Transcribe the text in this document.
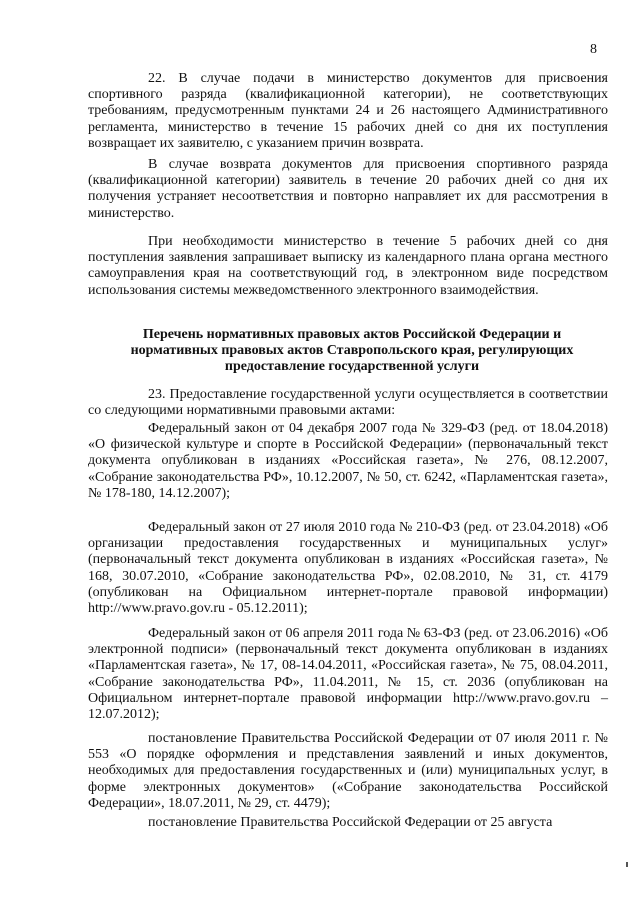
8

22. В случае подачи в министерство документов для присвоения спортивного разряда (квалификационной категории), не соответствующих требованиям, предусмотренным пунктами 24 и 26 настоящего Административного регламента, министерство в течение 15 рабочих дней со дня их поступления возвращает их заявителю, с указанием причин возврата.

В случае возврата документов для присвоения спортивного разряда (квалификационной категории) заявитель в течение 20 рабочих дней со дня их получения устраняет несоответствия и повторно направляет их для рассмотрения в министерство.

При необходимости министерство в течение 5 рабочих дней со дня поступления заявления запрашивает выписку из календарного плана органа местного самоуправления края на соответствующий год, в электронном виде посредством использования системы межведомственного электронного взаимодействия.

Перечень нормативных правовых актов Российской Федерации и нормативных правовых актов Ставропольского края, регулирующих предоставление государственной услуги

23. Предоставление государственной услуги осуществляется в соответствии со следующими нормативными правовыми актами:

Федеральный закон от 04 декабря 2007 года № 329-ФЗ (ред. от 18.04.2018) «О физической культуре и спорте в Российской Федерации» (первоначальный текст документа опубликован в изданиях «Российская газета», № 276, 08.12.2007, «Собрание законодательства РФ», 10.12.2007, № 50, ст. 6242, «Парламентская газета», № 178-180, 14.12.2007);

Федеральный закон от 27 июля 2010 года № 210-ФЗ (ред. от 23.04.2018) «Об организации предоставления государственных и муниципальных услуг» (первоначальный текст документа опубликован в изданиях «Российская газета», № 168, 30.07.2010, «Собрание законодательства РФ», 02.08.2010, № 31, ст. 4179 (опубликован на Официальном интернет-портале правовой информации) http://www.pravo.gov.ru - 05.12.2011);

Федеральный закон от 06 апреля 2011 года № 63-ФЗ (ред. от 23.06.2016) «Об электронной подписи» (первоначальный текст документа опубликован в изданиях «Парламентская газета», № 17, 08-14.04.2011, «Российская газета», № 75, 08.04.2011, «Собрание законодательства РФ», 11.04.2011, № 15, ст. 2036 (опубликован на Официальном интернет-портале правовой информации http://www.pravo.gov.ru – 12.07.2012);

постановление Правительства Российской Федерации от 07 июля 2011 г. № 553 «О порядке оформления и представления заявлений и иных документов, необходимых для предоставления государственных и (или) муниципальных услуг, в форме электронных документов» («Собрание законодательства Российской Федерации», 18.07.2011, № 29, ст. 4479);

постановление Правительства Российской Федерации от 25 августа
